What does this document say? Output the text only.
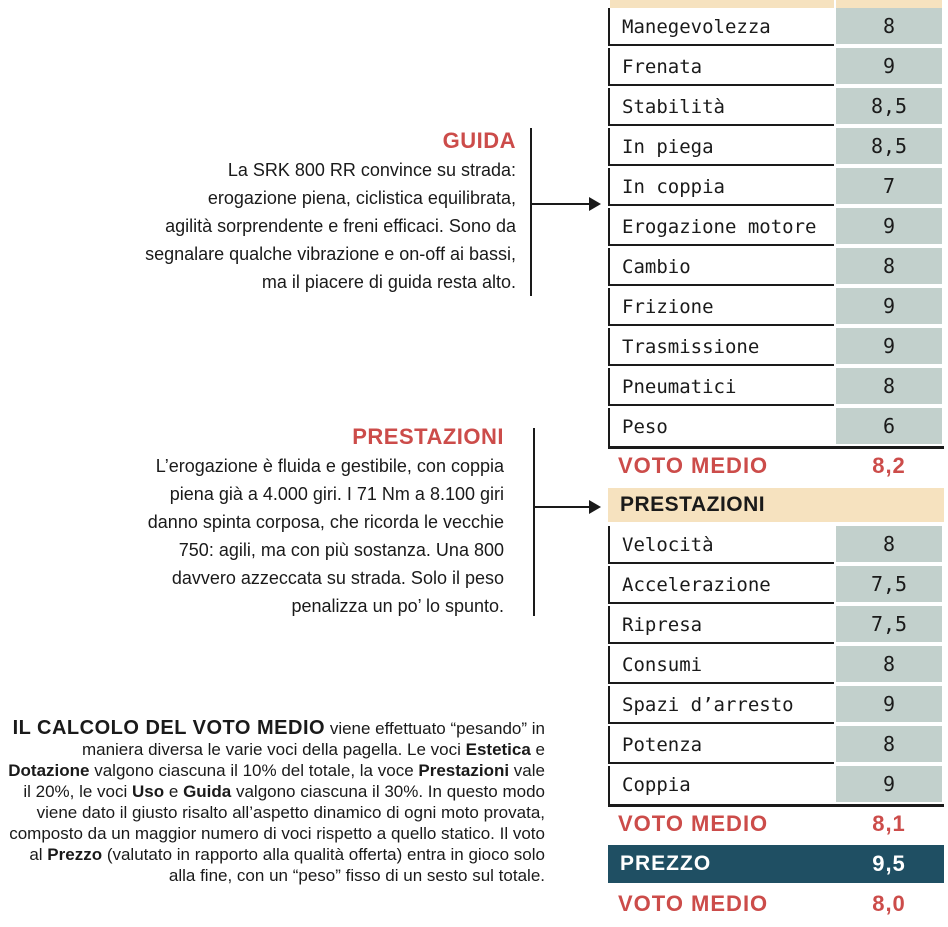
GUIDA
La SRK 800 RR convince su strada:
erogazione piena, ciclistica equilibrata,
agilità sorprendente e freni efficaci. Sono da
segnalare qualche vibrazione e on-off ai bassi,
ma il piacere di guida resta alto.
PRESTAZIONI
L’erogazione è fluida e gestibile, con coppia
piena già a 4.000 giri. I 71 Nm a 8.100 giri
danno spinta corposa, che ricorda le vecchie
750: agili, ma con più sostanza. Una 800
davvero azzeccata su strada. Solo il peso
penalizza un po’ lo spunto.
Manegevolezza	8
Frenata	9
Stabilità	8,5
In piega	8,5
In coppia	7
Erogazione motore	9
Cambio	8
Frizione	9
Trasmissione	9
Pneumatici	8
Peso	6
VOTO MEDIO	8,2
PRESTAZIONI
Velocità	8
Accelerazione	7,5
Ripresa	7,5
Consumi	8
Spazi d’arresto	9
Potenza	8
Coppia	9
VOTO MEDIO	8,1
PREZZO	9,5
VOTO MEDIO	8,0
IL CALCOLO DEL VOTO MEDIO viene effettuato “pesando” in maniera diversa le varie voci della pagella. Le voci Estetica e Dotazione valgono ciascuna il 10% del totale, la voce Prestazioni vale il 20%, le voci Uso e Guida valgono ciascuna il 30%. In questo modo viene dato il giusto risalto all’aspetto dinamico di ogni moto provata, composto da un maggior numero di voci rispetto a quello statico. Il voto al Prezzo (valutato in rapporto alla qualità offerta) entra in gioco solo alla fine, con un “peso” fisso di un sesto sul totale.
